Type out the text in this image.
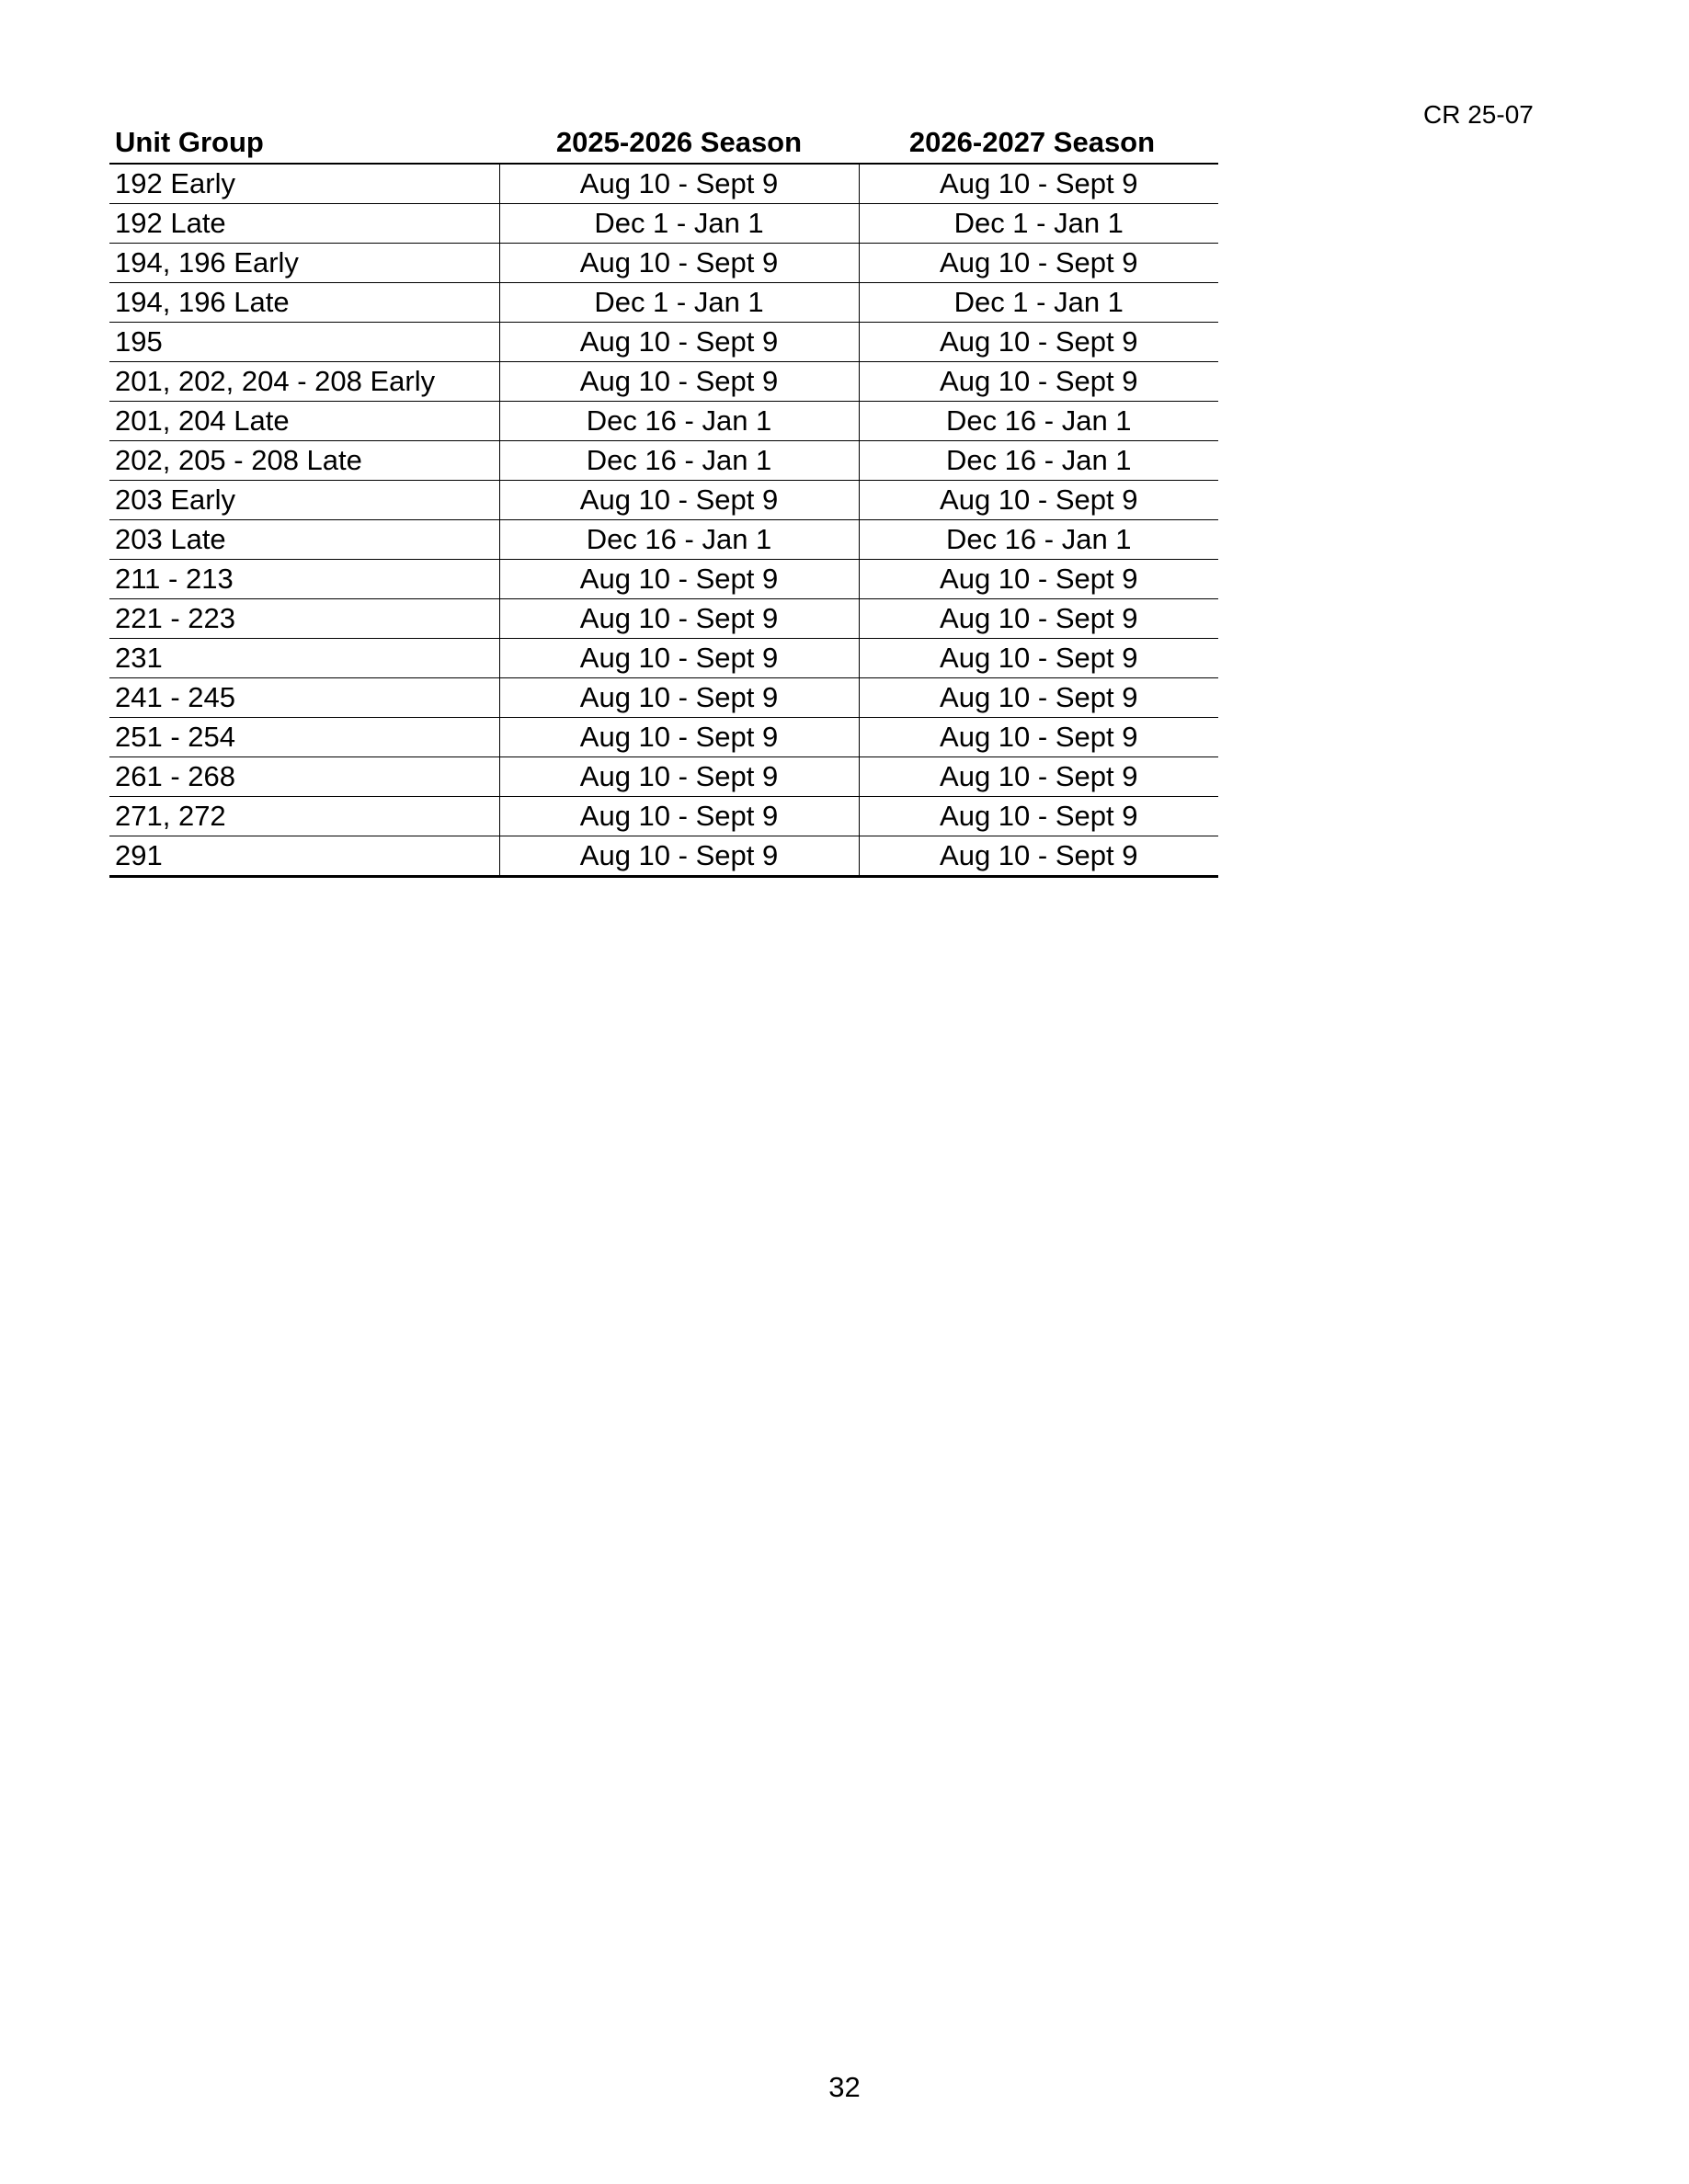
CR 25-07
Unit Group	2025-2026 Season	2026-2027 Season
192 Early	Aug 10 - Sept 9	Aug 10 - Sept 9
192 Late	Dec 1 - Jan 1	Dec 1 - Jan 1
194, 196 Early	Aug 10 - Sept 9	Aug 10 - Sept 9
194, 196 Late	Dec 1 - Jan 1	Dec 1 - Jan 1
195	Aug 10 - Sept 9	Aug 10 - Sept 9
201, 202, 204 - 208 Early	Aug 10 - Sept 9	Aug 10 - Sept 9
201, 204 Late	Dec 16 - Jan 1	Dec 16 - Jan 1
202, 205 - 208 Late	Dec 16 - Jan 1	Dec 16 - Jan 1
203 Early	Aug 10 - Sept 9	Aug 10 - Sept 9
203 Late	Dec 16 - Jan 1	Dec 16 - Jan 1
211 - 213	Aug 10 - Sept 9	Aug 10 - Sept 9
221 - 223	Aug 10 - Sept 9	Aug 10 - Sept 9
231	Aug 10 - Sept 9	Aug 10 - Sept 9
241 - 245	Aug 10 - Sept 9	Aug 10 - Sept 9
251 - 254	Aug 10 - Sept 9	Aug 10 - Sept 9
261 - 268	Aug 10 - Sept 9	Aug 10 - Sept 9
271, 272	Aug 10 - Sept 9	Aug 10 - Sept 9
291	Aug 10 - Sept 9	Aug 10 - Sept 9
32
